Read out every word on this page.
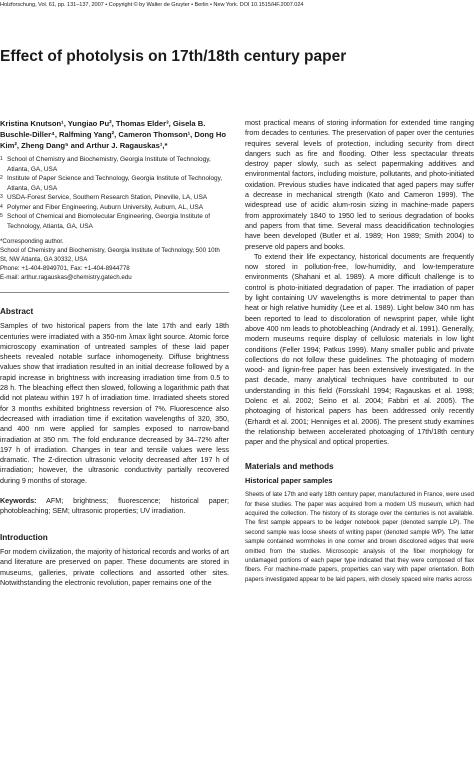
Holzforschung, Vol. 61, pp. 131–137, 2007 • Copyright © by Walter de Gruyter • Berlin • New York. DOI 10.1515/HF.2007.024
Effect of photolysis on 17th/18th century paper

Kristina Knutson¹, Yungiao Pu², Thomas Elder³, Gisela B. Buschle-Diller⁴, Ralfming Yang², Cameron Thomson¹, Dong Ho Kim², Zheng Dang⁵ and Arthur J. Ragauskas¹,*

1 School of Chemistry and Biochemistry, Georgia Institute of Technology, Atlanta, GA, USA
2 Institute of Paper Science and Technology, Georgia Institute of Technology, Atlanta, GA, USA
3 USDA-Forest Service, Southern Research Station, Pineville, LA, USA
4 Polymer and Fiber Engineering, Auburn University, Auburn, AL, USA
5 School of Chemical and Biomolecular Engineering, Georgia Institute of Technology, Atlanta, GA, USA
*Corresponding author.
School of Chemistry and Biochemistry, Georgia Institute of Technology, 500 10th St, NW Atlanta, GA 30332, USA
Phone: +1-404-8949701, Fax: +1-404-8944778
E-mail: arthur.ragauskas@chemistry.gatech.edu
Abstract

Samples of two historical papers from the late 17th and early 18th centuries were irradiated with a 350-nm λmax light source. Atomic force microscopy examination of untreated samples of these laid paper sheets revealed notable surface inhomogeneity. Diffuse brightness values show that irradiation resulted in an initial decrease followed by a rapid increase in brightness with increasing irradiation time from 0.5 to 28 h. The bleaching effect then slowed, following a logarithmic path that did not plateau within 197 h of irradiation time. Irradiated sheets stored for 3 months exhibited brightness reversion of 7%. Fluorescence also decreased with irradiation time if excitation wavelengths of 320, 350, and 400 nm were applied for samples exposed to narrow-band irradiation at 350 nm. The fold endurance decreased by 34–72% after 197 h of irradiation. Changes in tear and tensile values were less dramatic. The Z-direction ultrasonic velocity decreased after 197 h of irradiation; however, the ultrasonic conductivity partially recovered during 9 months of storage.

Keywords: AFM; brightness; fluorescence; historical paper; photobleaching; SEM; ultrasonic properties; UV irradiation.

Introduction

For modern civilization, the majority of historical records and works of art and literature are preserved on paper. These documents are stored in museums, galleries, private collections and assorted other sites. Notwithstanding the electronic revolution, paper remains one of the

most practical means of storing information for extended time ranging from decades to centuries. The preservation of paper over the centuries requires several levels of protection, including security from direct dangers such as fire and flooding. Other less spectacular threats destroy paper slowly, such as select papermaking additives and environmental factors, including moisture, pollutants, and photo-initiated oxidation. Previous studies have indicated that aged papers may suffer a decrease in mechanical strength (Kato and Cameron 1999). The widespread use of acidic alum-rosin sizing in machine-made papers from approximately 1840 to 1950 led to serious degradation of books and papers from that time. Several mass deacidification technologies have been developed (Butler et al. 1989; Hon 1989; Smith 2004) to preserve old papers and books.

To extend their life expectancy, historical documents are frequently now stored in pollution-free, low-humidity, and low-temperature environments (Shahani et al. 1989). A more difficult challenge is to control is photo-initiated degradation of paper. The irradiation of paper by light containing UV wavelengths is more detrimental to paper than heat or high relative humidity (Lee et al. 1989). Light below 340 nm has been reported to lead to discoloration of newsprint paper, while light above 400 nm leads to photobleaching (Andrady et al. 1991). Generally, modern museums require display of cellulosic materials in low light conditions (Feller 1994; Patkus 1999). Many smaller public and private collections do not follow these guidelines. The photoaging of modern wood- and lignin-free paper has been extensively investigated. In the past decade, many analytical techniques have contributed to our understanding in this field (Forsskahl 1994; Ragauskas et al. 1998; Dolenc et al. 2002; Seino et al. 2004; Fabbri et al. 2005). The photoaging of historical papers has been addressed only recently (Erhardt et al. 2001; Henniges et al. 2006). The present study examines the relationship between accelerated photoaging of 17th/18th century paper and the physical and optical properties.

Materials and methods
Historical paper samples

Sheets of late 17th and early 18th century paper, manufactured in France, were used for these studies. The paper was acquired from a modern US museum, which had acquired the collection. The history of its storage over the centuries is not available. The first sample appears to be ledger notebook paper (denoted sample LP). The second sample was loose sheets of writing paper (denoted sample WP). The latter sample contained wormholes in one corner and brown discolored edges that were omitted from the studies. Microscopic analysis of the fiber morphology for undamaged portions of each paper type indicated that they were composed of flax fibers. For machine-made papers, properties can vary with paper orientation. Both papers investigated appear to be laid papers, with closely spaced wire marks across
